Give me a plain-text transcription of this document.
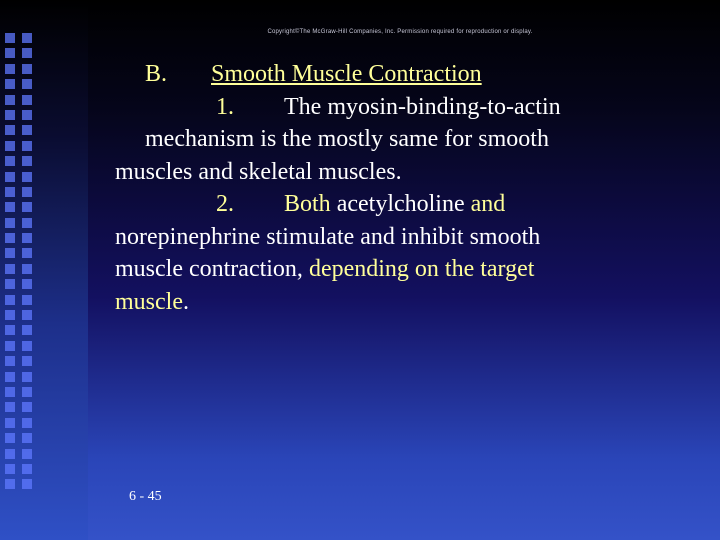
Copyright©The McGraw-Hill Companies, Inc. Permission required for reproduction or display.
B. Smooth Muscle Contraction
1. The myosin-binding-to-actin
mechanism is the mostly same for smooth
muscles and skeletal muscles.
2. Both acetylcholine and
norepinephrine stimulate and inhibit smooth
muscle contraction, depending on the target
muscle.
6 - 45
